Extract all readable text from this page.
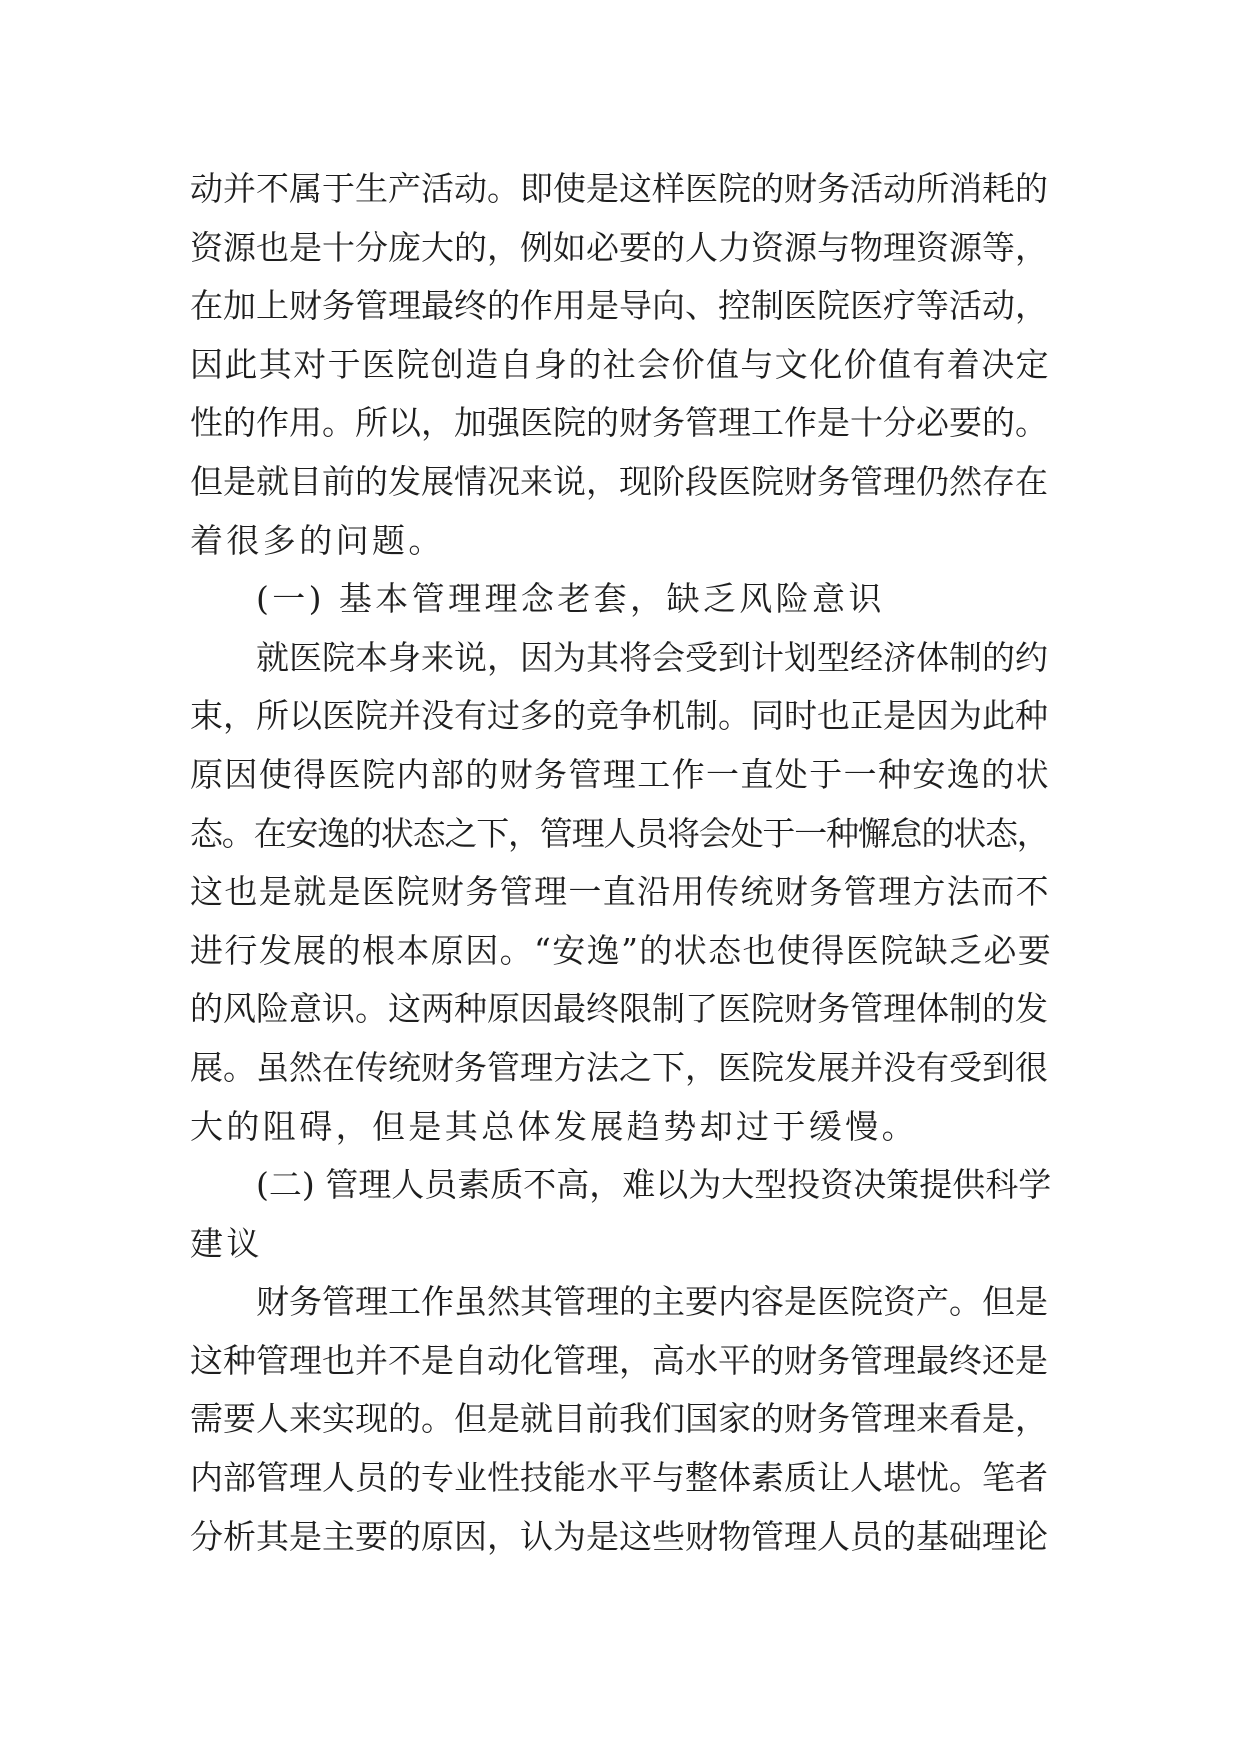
动并不属于生产活动。即使是这样医院的财务活动所消耗的
资源也是十分庞大的，例如必要的人力资源与物理资源等，
在加上财务管理最终的作用是导向、控制医院医疗等活动，
因此其对于医院创造自身的社会价值与文化价值有着决定
性的作用。所以，加强医院的财务管理工作是十分必要的。
但是就目前的发展情况来说，现阶段医院财务管理仍然存在
着很多的问题。
(一) 基本管理理念老套，缺乏风险意识
就医院本身来说，因为其将会受到计划型经济体制的约
束，所以医院并没有过多的竞争机制。同时也正是因为此种
原因使得医院内部的财务管理工作一直处于一种安逸的状
态。在安逸的状态之下，管理人员将会处于一种懈怠的状态，
这也是就是医院财务管理一直沿用传统财务管理方法而不
进行发展的根本原因。“安逸”的状态也使得医院缺乏必要
的风险意识。这两种原因最终限制了医院财务管理体制的发
展。虽然在传统财务管理方法之下，医院发展并没有受到很
大的阻碍，但是其总体发展趋势却过于缓慢。
(二) 管理人员素质不高，难以为大型投资决策提供科学
建议
财务管理工作虽然其管理的主要内容是医院资产。但是
这种管理也并不是自动化管理，高水平的财务管理最终还是
需要人来实现的。但是就目前我们国家的财务管理来看是，
内部管理人员的专业性技能水平与整体素质让人堪忧。笔者
分析其是主要的原因，认为是这些财物管理人员的基础理论
